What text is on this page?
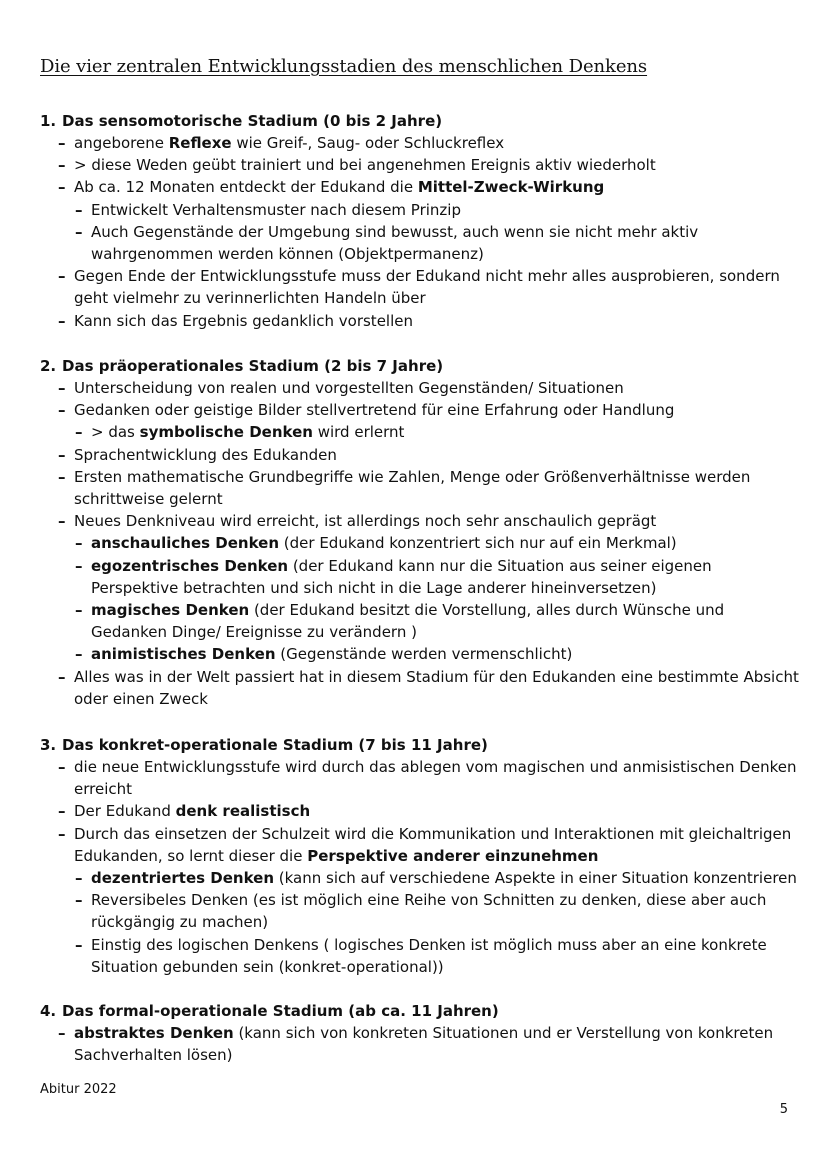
Die vier zentralen Entwicklungsstadien des menschlichen Denkens
1. Das sensomotorische Stadium (0 bis 2 Jahre)
– angeborene Reflexe wie Greif-, Saug- oder Schluckreflex
– > diese Weden geübt trainiert und bei angenehmen Ereignis aktiv wiederholt
– Ab ca. 12 Monaten entdeckt der Edukand die Mittel-Zweck-Wirkung
– Entwickelt Verhaltensmuster nach diesem Prinzip
– Auch Gegenstände der Umgebung sind bewusst, auch wenn sie nicht mehr aktiv wahrgenommen werden können (Objektpermanenz)
– Gegen Ende der Entwicklungsstufe muss der Edukand nicht mehr alles ausprobieren, sondern geht vielmehr zu verinnerlichten Handeln über
– Kann sich das Ergebnis gedanklich vorstellen
2. Das präoperationales Stadium (2 bis 7 Jahre)
– Unterscheidung von realen und vorgestellten Gegenständen/ Situationen
– Gedanken oder geistige Bilder stellvertretend für eine Erfahrung oder Handlung
– > das symbolische Denken wird erlernt
– Sprachentwicklung des Edukanden
– Ersten mathematische Grundbegriffe wie Zahlen, Menge oder Größenverhältnisse werden schrittweise gelernt
– Neues Denkniveau wird erreicht, ist allerdings noch sehr anschaulich geprägt
– anschauliches Denken (der Edukand konzentriert sich nur auf ein Merkmal)
– egozentrisches Denken (der Edukand kann nur die Situation aus seiner eigenen Perspektive betrachten und sich nicht in die Lage anderer hineinversetzen)
– magisches Denken (der Edukand besitzt die Vorstellung, alles durch Wünsche und Gedanken Dinge/ Ereignisse zu verändern )
– animistisches Denken (Gegenstände werden vermenschlicht)
– Alles was in der Welt passiert hat in diesem Stadium für den Edukanden eine bestimmte Absicht oder einen Zweck
3. Das konkret-operationale Stadium (7 bis 11 Jahre)
– die neue Entwicklungsstufe wird durch das ablegen vom magischen und anmisistischen Denken erreicht
– Der Edukand denk realistisch
– Durch das einsetzen der Schulzeit wird die Kommunikation und Interaktionen mit gleichaltrigen Edukanden, so lernt dieser die Perspektive anderer einzunehmen
– dezentriertes Denken (kann sich auf verschiedene Aspekte in einer Situation konzentrieren
– Reversibeles Denken (es ist möglich eine Reihe von Schnitten zu denken, diese aber auch rückgängig zu machen)
– Einstig des logischen Denkens ( logisches Denken ist möglich muss aber an eine konkrete Situation gebunden sein (konkret-operational))
4. Das formal-operationale Stadium (ab ca. 11 Jahren)
– abstraktes Denken (kann sich von konkreten Situationen und er Verstellung von konkreten Sachverhalten lösen)
Abitur 2022
5
